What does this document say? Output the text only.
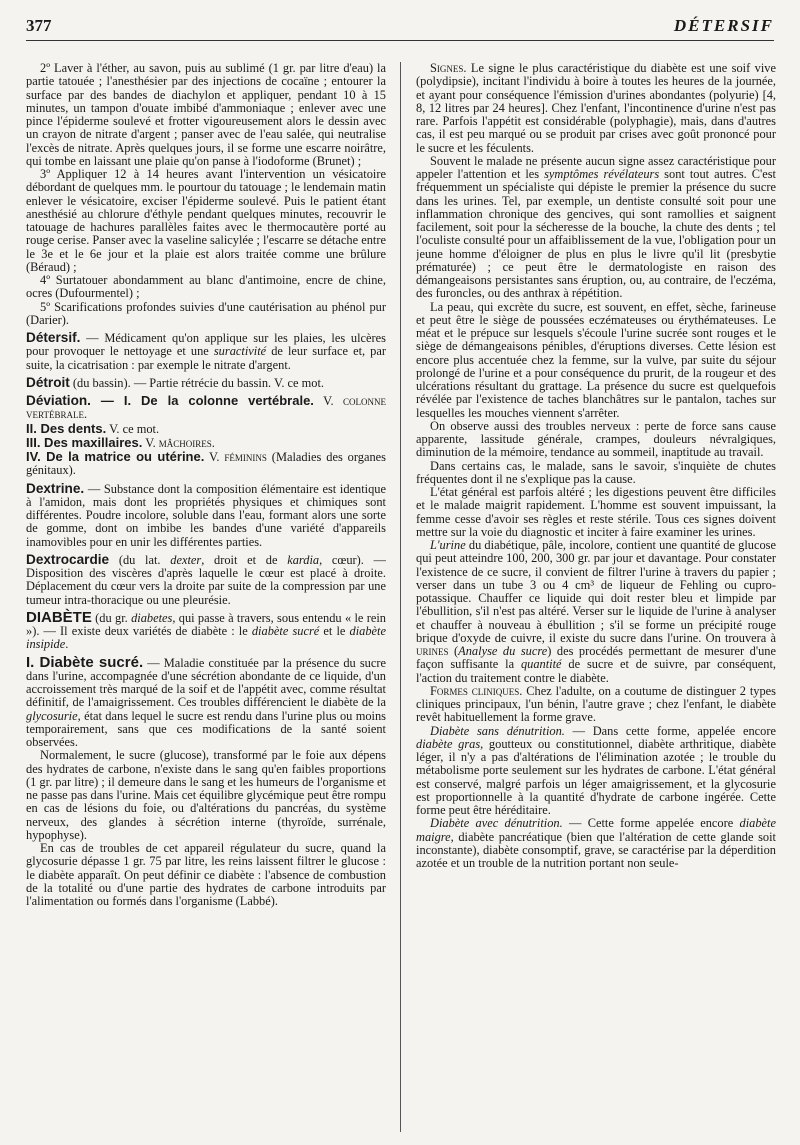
377	DÉTERSIF

2º Laver à l'éther, au savon, puis au sublimé (1 gr. par litre d'eau) la partie tatouée ; l'anesthésier par des injections de cocaïne ; entourer la surface par des bandes de diachylon et appliquer, pendant 10 à 15 minutes, un tampon d'ouate imbibé d'ammoniaque ; enlever avec une pince l'épiderme soulevé et frotter vigoureusement alors le dessin avec un crayon de nitrate d'argent ; panser avec de l'eau salée, qui neutralise l'excès de nitrate. Après quelques jours, il se forme une escarre noirâtre, qui tombe en laissant une plaie qu'on panse à l'iodoforme (Brunet) ;

3º Appliquer 12 à 14 heures avant l'intervention un vésicatoire débordant de quelques mm. le pourtour du tatouage ; le lendemain matin enlever le vésicatoire, exciser l'épiderme soulevé. Puis le patient étant anesthésié au chlorure d'éthyle pendant quelques minutes, recouvrir le tatouage de hachures parallèles faites avec le thermocautère porté au rouge cerise. Panser avec la vaseline salicylée ; l'escarre se détache entre le 3e et le 6e jour et la plaie est alors traitée comme une brûlure (Béraud) ;

4º Surtatouer abondamment au blanc d'antimoine, encre de chine, ocres (Dufourmentel) ;

5º Scarifications profondes suivies d'une cautérisation au phénol pur (Darier).

Détersif. — Médicament qu'on applique sur les plaies, les ulcères pour provoquer le nettoyage et une suractivité de leur surface et, par suite, la cicatrisation : par exemple le nitrate d'argent.

Détroit (du bassin). — Partie rétrécie du bassin. V. ce mot.

Déviation. — I. De la colonne vertébrale. V. colonne vertébrale.

II. Des dents. V. ce mot.

III. Des maxillaires. V. mâchoires.

IV. De la matrice ou utérine. V. féminins (Maladies des organes génitaux).

Dextrine. — Substance dont la composition élémentaire est identique à l'amidon, mais dont les propriétés physiques et chimiques sont différentes. Poudre incolore, soluble dans l'eau, formant alors une sorte de gomme, dont on imbibe les bandes d'une variété d'appareils inamovibles pour en unir les différentes parties.

Dextrocardie (du lat. dexter, droit et de kardia, cœur). — Disposition des viscères d'après laquelle le cœur est placé à droite. Déplacement du cœur vers la droite par suite de la compression par une tumeur intra-thoracique ou une pleurésie.

DIABÈTE (du gr. diabetes, qui passe à travers, sous entendu « le rein »). — Il existe deux variétés de diabète : le diabète sucré et le diabète insipide.

I. Diabète sucré. — Maladie constituée par la présence du sucre dans l'urine, accompagnée d'une sécrétion abondante de ce liquide, d'un accroissement très marqué de la soif et de l'appétit avec, comme résultat définitif, de l'amaigrissement. Ces troubles différencient le diabète de la glycosurie, état dans lequel le sucre est rendu dans l'urine plus ou moins temporairement, sans que ces modifications de la santé soient observées.

Normalement, le sucre (glucose), transformé par le foie aux dépens des hydrates de carbone, n'existe dans le sang qu'en faibles proportions (1 gr. par litre) ; il demeure dans le sang et les humeurs de l'organisme et ne passe pas dans l'urine. Mais cet équilibre glycémique peut être rompu en cas de lésions du foie, ou d'altérations du pancréas, du système nerveux, des glandes à sécrétion interne (thyroïde, surrénale, hypophyse).

En cas de troubles de cet appareil régulateur du sucre, quand la glycosurie dépasse 1 gr. 75 par litre, les reins laissent filtrer le glucose : le diabète apparaît. On peut définir ce diabète : l'absence de combustion de la totalité ou d'une partie des hydrates de carbone introduits par l'alimentation ou formés dans l'organisme (Labbé).

Signes. Le signe le plus caractéristique du diabète est une soif vive (polydipsie), incitant l'individu à boire à toutes les heures de la journée, et ayant pour conséquence l'émission d'urines abondantes (polyurie) [4, 8, 12 litres par 24 heures]. Chez l'enfant, l'incontinence d'urine n'est pas rare. Parfois l'appétit est considérable (polyphagie), mais, dans d'autres cas, il est peu marqué ou se produit par crises avec goût prononcé pour le sucre et les féculents.

Souvent le malade ne présente aucun signe assez caractéristique pour appeler l'attention et les symptômes révélateurs sont tout autres. C'est fréquemment un spécialiste qui dépiste le premier la présence du sucre dans les urines. Tel, par exemple, un dentiste consulté soit pour une inflammation chronique des gencives, qui sont ramollies et saignent facilement, soit pour la sécheresse de la bouche, la chute des dents ; tel l'oculiste consulté pour un affaiblissement de la vue, l'obligation pour un jeune homme d'éloigner de plus en plus le livre qu'il lit (presbytie prématurée) ; ce peut être le dermatologiste en raison des démangeaisons persistantes sans éruption, ou, au contraire, de l'eczéma, des furoncles, ou des anthrax à répétition.

La peau, qui excrète du sucre, est souvent, en effet, sèche, farineuse et peut être le siège de poussées eczémateuses ou érythémateuses. Le méat et le prépuce sur lesquels s'écoule l'urine sucrée sont rouges et le siège de démangeaisons pénibles, d'éruptions diverses. Cette lésion est encore plus accentuée chez la femme, sur la vulve, par suite du séjour prolongé de l'urine et a pour conséquence du prurit, de la rougeur et des ulcérations résultant du grattage. La présence du sucre est quelquefois révélée par l'existence de taches blanchâtres sur le pantalon, taches sur lesquelles les mouches viennent s'arrêter.

On observe aussi des troubles nerveux : perte de force sans cause apparente, lassitude générale, crampes, douleurs névralgiques, diminution de la mémoire, tendance au sommeil, inaptitude au travail.

Dans certains cas, le malade, sans le savoir, s'inquiète de chutes fréquentes dont il ne s'explique pas la cause.

L'état général est parfois altéré ; les digestions peuvent être difficiles et le malade maigrit rapidement. L'homme est souvent impuissant, la femme cesse d'avoir ses règles et reste stérile. Tous ces signes doivent mettre sur la voie du diagnostic et inciter à faire examiner les urines.

L'urine du diabétique, pâle, incolore, contient une quantité de glucose qui peut atteindre 100, 200, 300 gr. par jour et davantage. Pour constater l'existence de ce sucre, il convient de filtrer l'urine à travers du papier ; verser dans un tube 3 ou 4 cm³ de liqueur de Fehling ou cupro-potassique. Chauffer ce liquide qui doit rester bleu et limpide par l'ébullition, s'il n'est pas altéré. Verser sur le liquide de l'urine à analyser et chauffer à nouveau à ébullition ; s'il se forme un précipité rouge brique d'oxyde de cuivre, il existe du sucre dans l'urine. On trouvera à urines (Analyse du sucre) des procédés permettant de mesurer d'une façon suffisante la quantité de sucre et de suivre, par conséquent, l'action du traitement contre le diabète.

Formes cliniques. Chez l'adulte, on a coutume de distinguer 2 types cliniques principaux, l'un bénin, l'autre grave ; chez l'enfant, le diabète revêt habituellement la forme grave.

Diabète sans dénutrition. — Dans cette forme, appelée encore diabète gras, goutteux ou constitutionnel, diabète arthritique, diabète léger, il n'y a pas d'altérations de l'élimination azotée ; le trouble du métabolisme porte seulement sur les hydrates de carbone. L'état général est conservé, malgré parfois un léger amaigrissement, et la glycosurie est proportionnelle à la quantité d'hydrate de carbone ingérée. Cette forme peut être héréditaire.

Diabète avec dénutrition. — Cette forme appelée encore diabète maigre, diabète pancréatique (bien que l'altération de cette glande soit inconstante), diabète consomptif, grave, se caractérise par la déperdition azotée et un trouble de la nutrition portant non seule-
